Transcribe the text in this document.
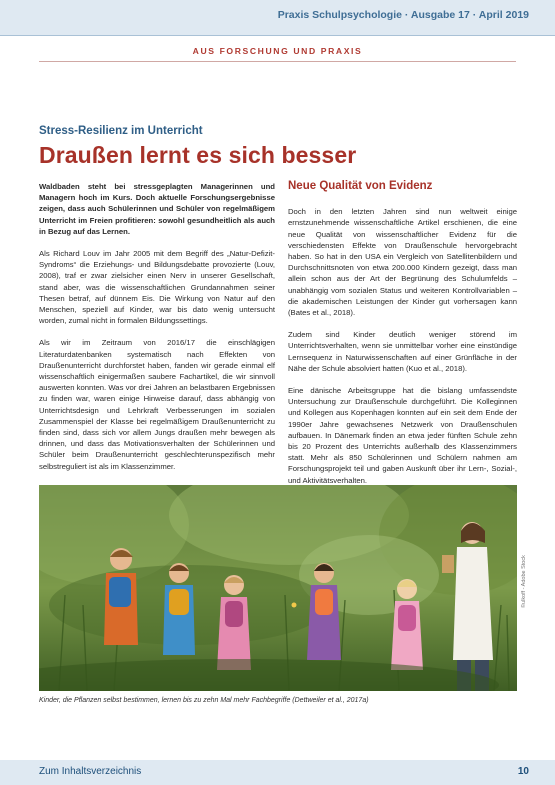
Praxis Schulpsychologie · Ausgabe 17 · April 2019
AUS FORSCHUNG UND PRAXIS
Stress-Resilienz im Unterricht
Draußen lernt es sich besser

Waldbaden steht bei stressgeplagten Managerinnen und Managern hoch im Kurs. Doch aktuelle Forschungsergebnisse zeigen, dass auch Schülerinnen und Schüler von regelmäßigem Unterricht im Freien profitieren: sowohl gesundheitlich als auch in Bezug auf das Lernen.

Als Richard Louv im Jahr 2005 mit dem Begriff des „Natur-Defizit-Syndroms“ die Erziehungs- und Bildungsdebatte provozierte (Louv, 2008), traf er zwar zielsicher einen Nerv in unserer Gesellschaft, stand aber, was die wissenschaftlichen Grundannahmen seiner Thesen betraf, auf dünnem Eis. Die Wirkung von Natur auf den Menschen, speziell auf Kinder, war bis dato wenig untersucht worden, zumal nicht in formalen Bildungssettings.

Als wir im Zeitraum von 2016/17 die einschlägigen Literaturdatenbanken systematisch nach Effekten von Draußenunterricht durchforstet haben, fanden wir gerade einmal elf wissenschaftlich einigermaßen saubere Fachartikel, die wir sinnvoll auswerten konnten. Was vor drei Jahren an belastbaren Ergebnissen zu finden war, waren einige Hinweise darauf, dass abhängig von Unterrichtsdesign und Lehrkraft Verbesserungen im sozialen Zusammenspiel der Klasse bei regelmäßigem Draußenunterricht zu finden sind, dass sich vor allem Jungs draußen mehr bewegen als drinnen, und dass das Motivationsverhalten der Schülerinnen und Schüler beim Draußenunterricht geschlechterunspezifisch mehr selbstreguliert ist als im Klassenzimmer.

Neue Qualität von Evidenz

Doch in den letzten Jahren sind nun weltweit einige ernstzunehmende wissenschaftliche Artikel erschienen, die eine neue Qualität von wissenschaftlicher Evidenz für die verschiedensten Effekte von Draußenschule hervorgebracht haben. So hat in den USA ein Vergleich von Satellitenbildern und Durchschnittsnoten von etwa 200.000 Kindern gezeigt, dass man allein schon aus der Art der Begrünung des Schulumfelds – unabhängig vom sozialen Status und weiteren Kontrollvariablen – die akademischen Leistungen der Kinder gut vorhersagen kann (Bates et al., 2018).

Zudem sind Kinder deutlich weniger störend im Unterrichtsverhalten, wenn sie unmittelbar vorher eine einstündige Lernsequenz in Naturwissenschaften auf einer Grünfläche in der Nähe der Schule absolviert hatten (Kuo et al., 2018).

Eine dänische Arbeitsgruppe hat die bislang umfassendste Untersuchung zur Draußenschule durchgeführt. Die Kolleginnen und Kollegen aus Kopenhagen konnten auf ein seit dem Ende der 1990er Jahre gewachsenes Netzwerk von Draußenschulen aufbauen. In Dänemark finden an etwa jeder fünften Schule zehn bis 20 Prozent des Unterrichts außerhalb des Klassenzimmers statt. Mehr als 850 Schülerinnen und Schülern nahmen am Forschungsprojekt teil und gaben Auskunft über ihr Lern-, Sozial-, und Aktivitätsverhalten.

©ulkoff - Adobe Stock
Kinder, die Pflanzen selbst bestimmen, lernen bis zu zehn Mal mehr Fachbegriffe (Dettweiler et al., 2017a)
Zum Inhaltsverzeichnis	10
